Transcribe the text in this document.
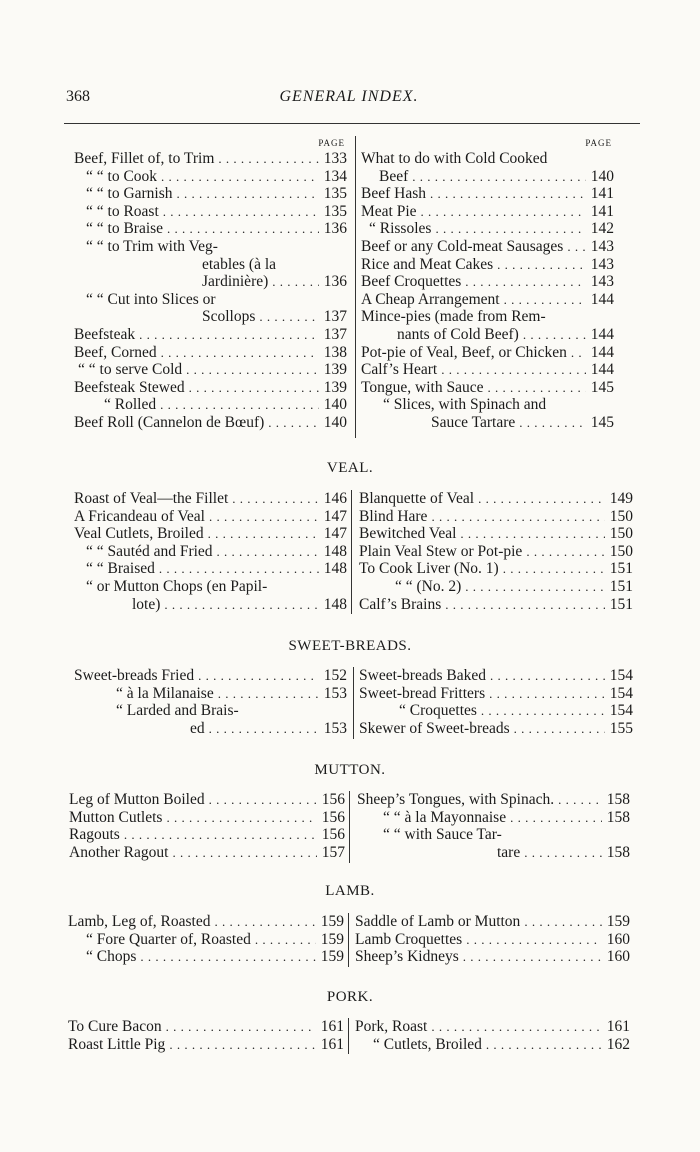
368	GENERAL INDEX.
PAGE
Beef, Fillet of, to Trim . . .	133
“ “ to Cook . . .	134
“ “ to Garnish . . .	135
“ “ to Roast . . .	135
“ “ to Braise . . .	136
“ “ to Trim with Veg-
etables (à la
Jardinière) . . .	136
“ “ Cut into Slices or
Scollops . . .	137
Beefsteak . . .	137
Beef, Corned . . .	138
“ “ to serve Cold . . .	139
Beefsteak Stewed . . .	139
“ Rolled . . .	140
Beef Roll (Cannelon de Bœuf) . . .	140
PAGE
What to do with Cold Cooked
Beef . . .	140
Beef Hash . . .	141
Meat Pie . . .	141
“ Rissoles . . .	142
Beef or any Cold-meat Sausages . . . 143
Rice and Meat Cakes . . .	143
Beef Croquettes . . .	143
A Cheap Arrangement . . .	144
Mince-pies (made from Rem-
nants of Cold Beef) . . .	144
Pot-pie of Veal, Beef, or Chicken . . . 144
Calf’s Heart . . .	144
Tongue, with Sauce . . .	145
“ Slices, with Spinach and
Sauce Tartare . . .	145
VEAL.
Roast of Veal—the Fillet . . .	146
A Fricandeau of Veal . . .	147
Veal Cutlets, Broiled . . .	147
“ “ Sautéd and Fried . . .	148
“ “ Braised . . .	148
“ or Mutton Chops (en Papil-
lote) . . .	148
Blanquette of Veal . . .	149
Blind Hare . . .	150
Bewitched Veal . . .	150
Plain Veal Stew or Pot-pie . . .	150
To Cook Liver (No. 1) . . .	151
“ “ (No. 2) . . .	151
Calf’s Brains . . .	151
SWEET-BREADS.
Sweet-breads Fried . . .	152
“ à la Milanaise . . .	153
“ Larded and Brais-
ed . . .	153
Sweet-breads Baked . . .	154
Sweet-bread Fritters . . .	154
“ Croquettes . . .	154
Skewer of Sweet-breads . . .	155
MUTTON.
Leg of Mutton Boiled . . .	156
Mutton Cutlets . . .	156
Ragouts . . .	156
Another Ragout . . .	157
Sheep’s Tongues, with Spinach. . . .	158
“ “ à la Mayonnaise . . .	158
“ “ with Sauce Tar-
tare . . .	158
LAMB.
Lamb, Leg of, Roasted . . .	159
“ Fore Quarter of, Roasted . . .	159
“ Chops . . .	159
Saddle of Lamb or Mutton . . .	159
Lamb Croquettes . . .	160
Sheep’s Kidneys . . .	160
PORK.
To Cure Bacon . . .	161
Roast Little Pig . . .	161
Pork, Roast . . .	161
“ Cutlets, Broiled . . .	162
